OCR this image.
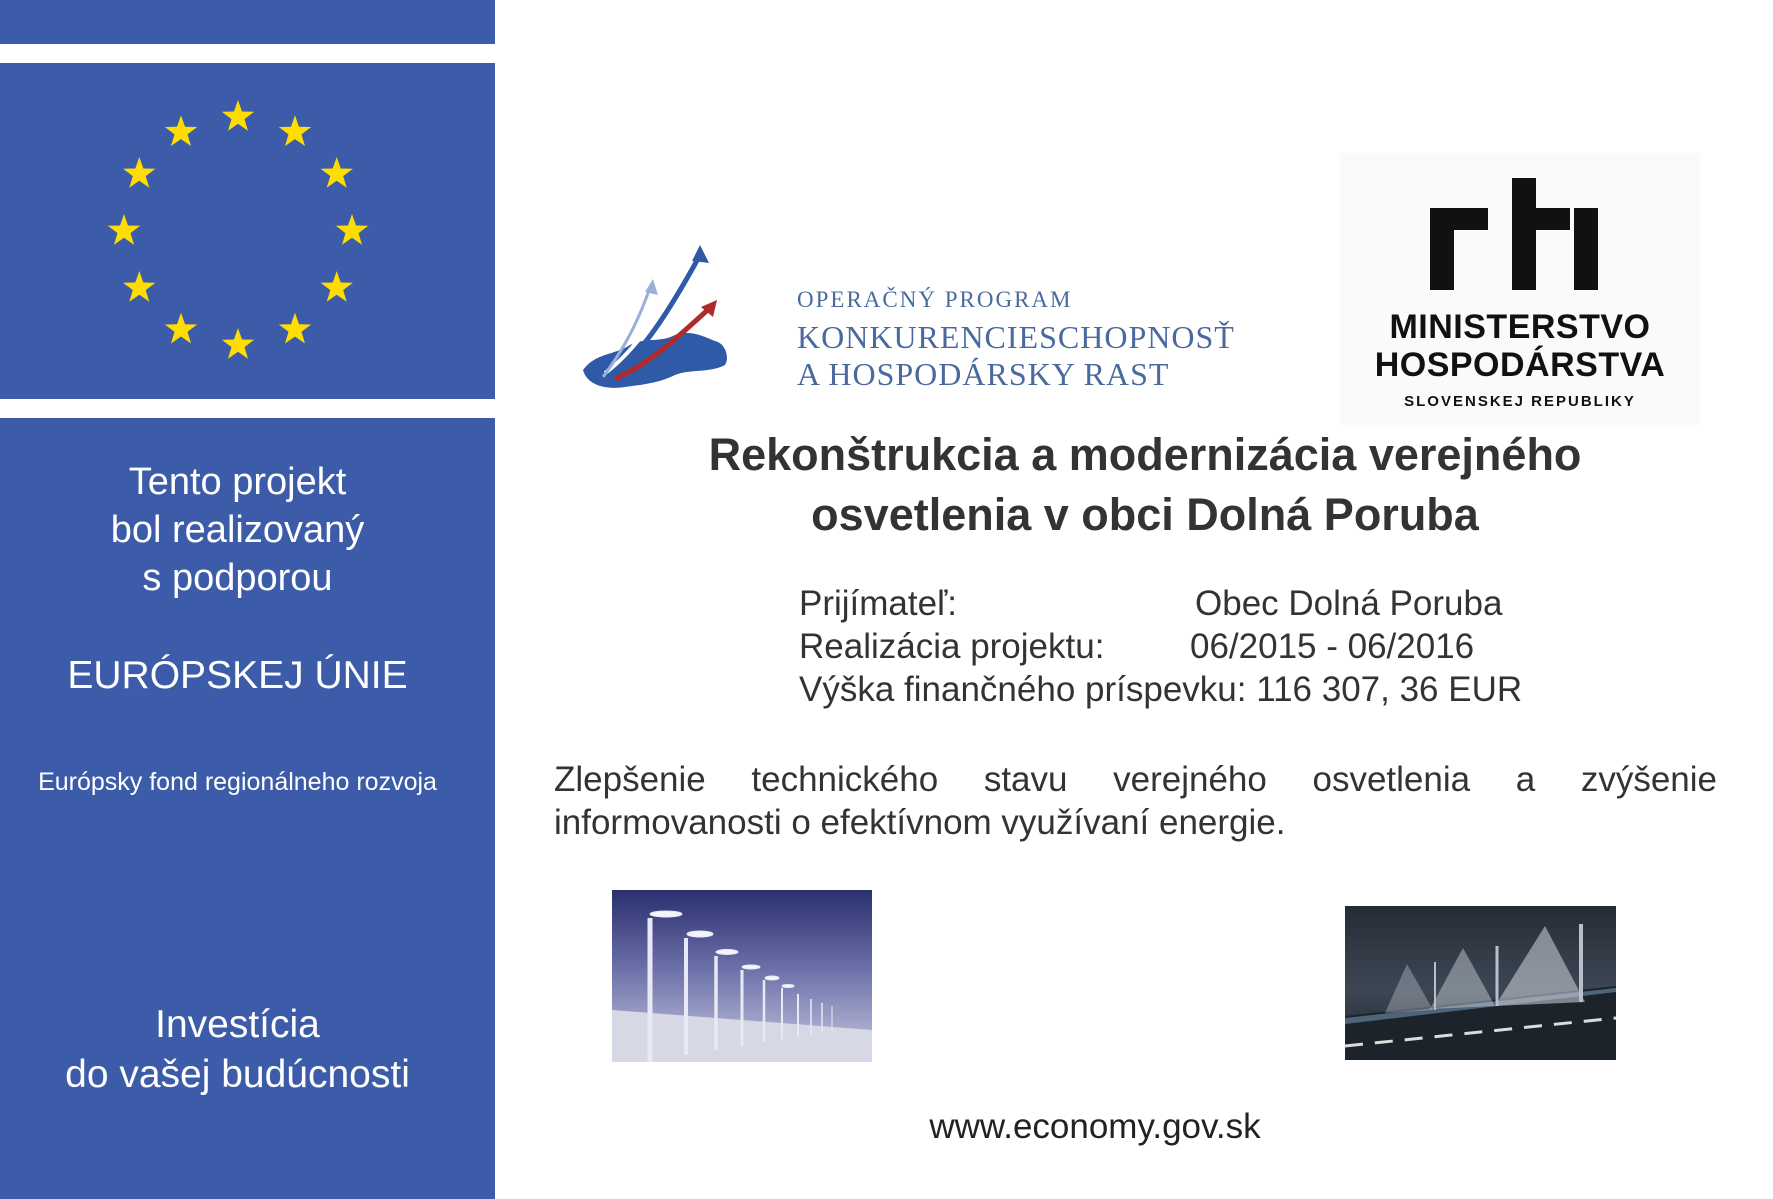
Tento projekt
bol realizovaný
s podporou
EURÓPSKEJ ÚNIE
Európsky fond regionálneho rozvoja
Investícia
do vašej budúcnosti
OPERAČNÝ PROGRAM
KONKURENCIESCHOPNOSŤ
A HOSPODÁRSKY RAST
MINISTERSTVO
HOSPODÁRSTVA
SLOVENSKEJ REPUBLIKY
Rekonštrukcia a modernizácia verejného
osvetlenia v obci Dolná Poruba
Prijímateľ:	Obec Dolná Poruba
Realizácia projektu: 06/2015 - 06/2016
Výška finančného príspevku: 116 307, 36 EUR
Zlepšenie technického stavu verejného osvetlenia a zvýšenie informovanosti o efektívnom využívaní energie.
www.economy.gov.sk
